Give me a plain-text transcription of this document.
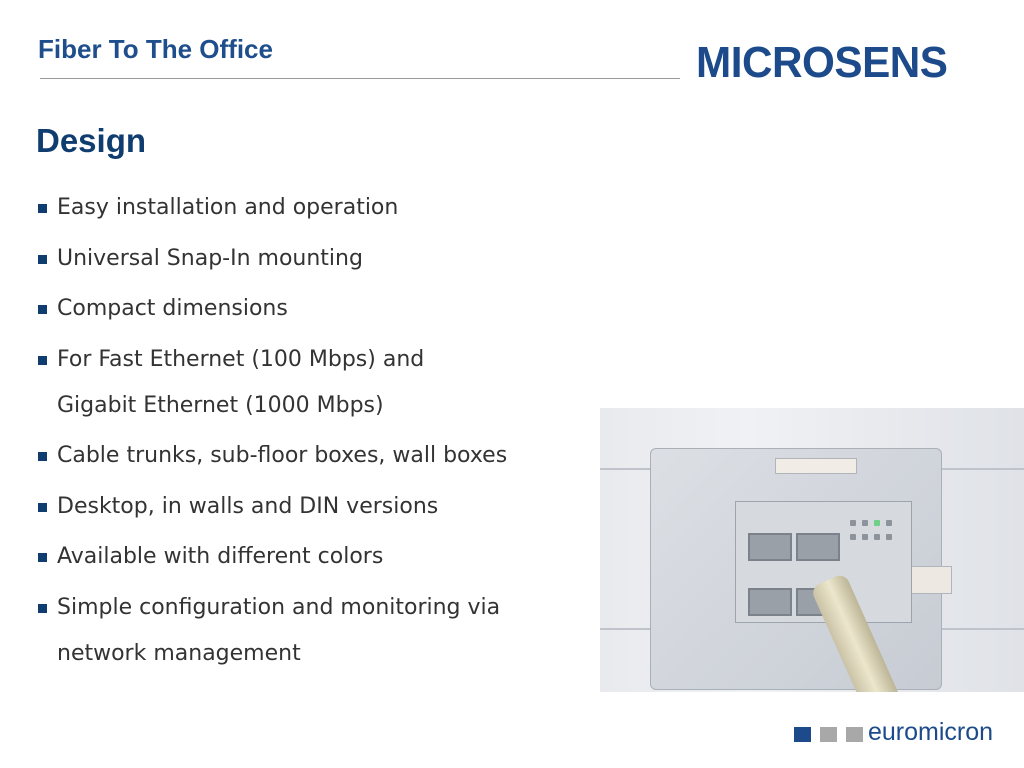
Fiber To The Office	MICROSENS
Design
Easy installation and operation
Universal Snap-In mounting
Compact dimensions
For Fast Ethernet (100 Mbps) and
Gigabit Ethernet (1000 Mbps)
Cable trunks, sub-floor boxes, wall boxes
Desktop, in walls and DIN versions
Available with different colors
Simple configuration and monitoring via
network management
euromicron
